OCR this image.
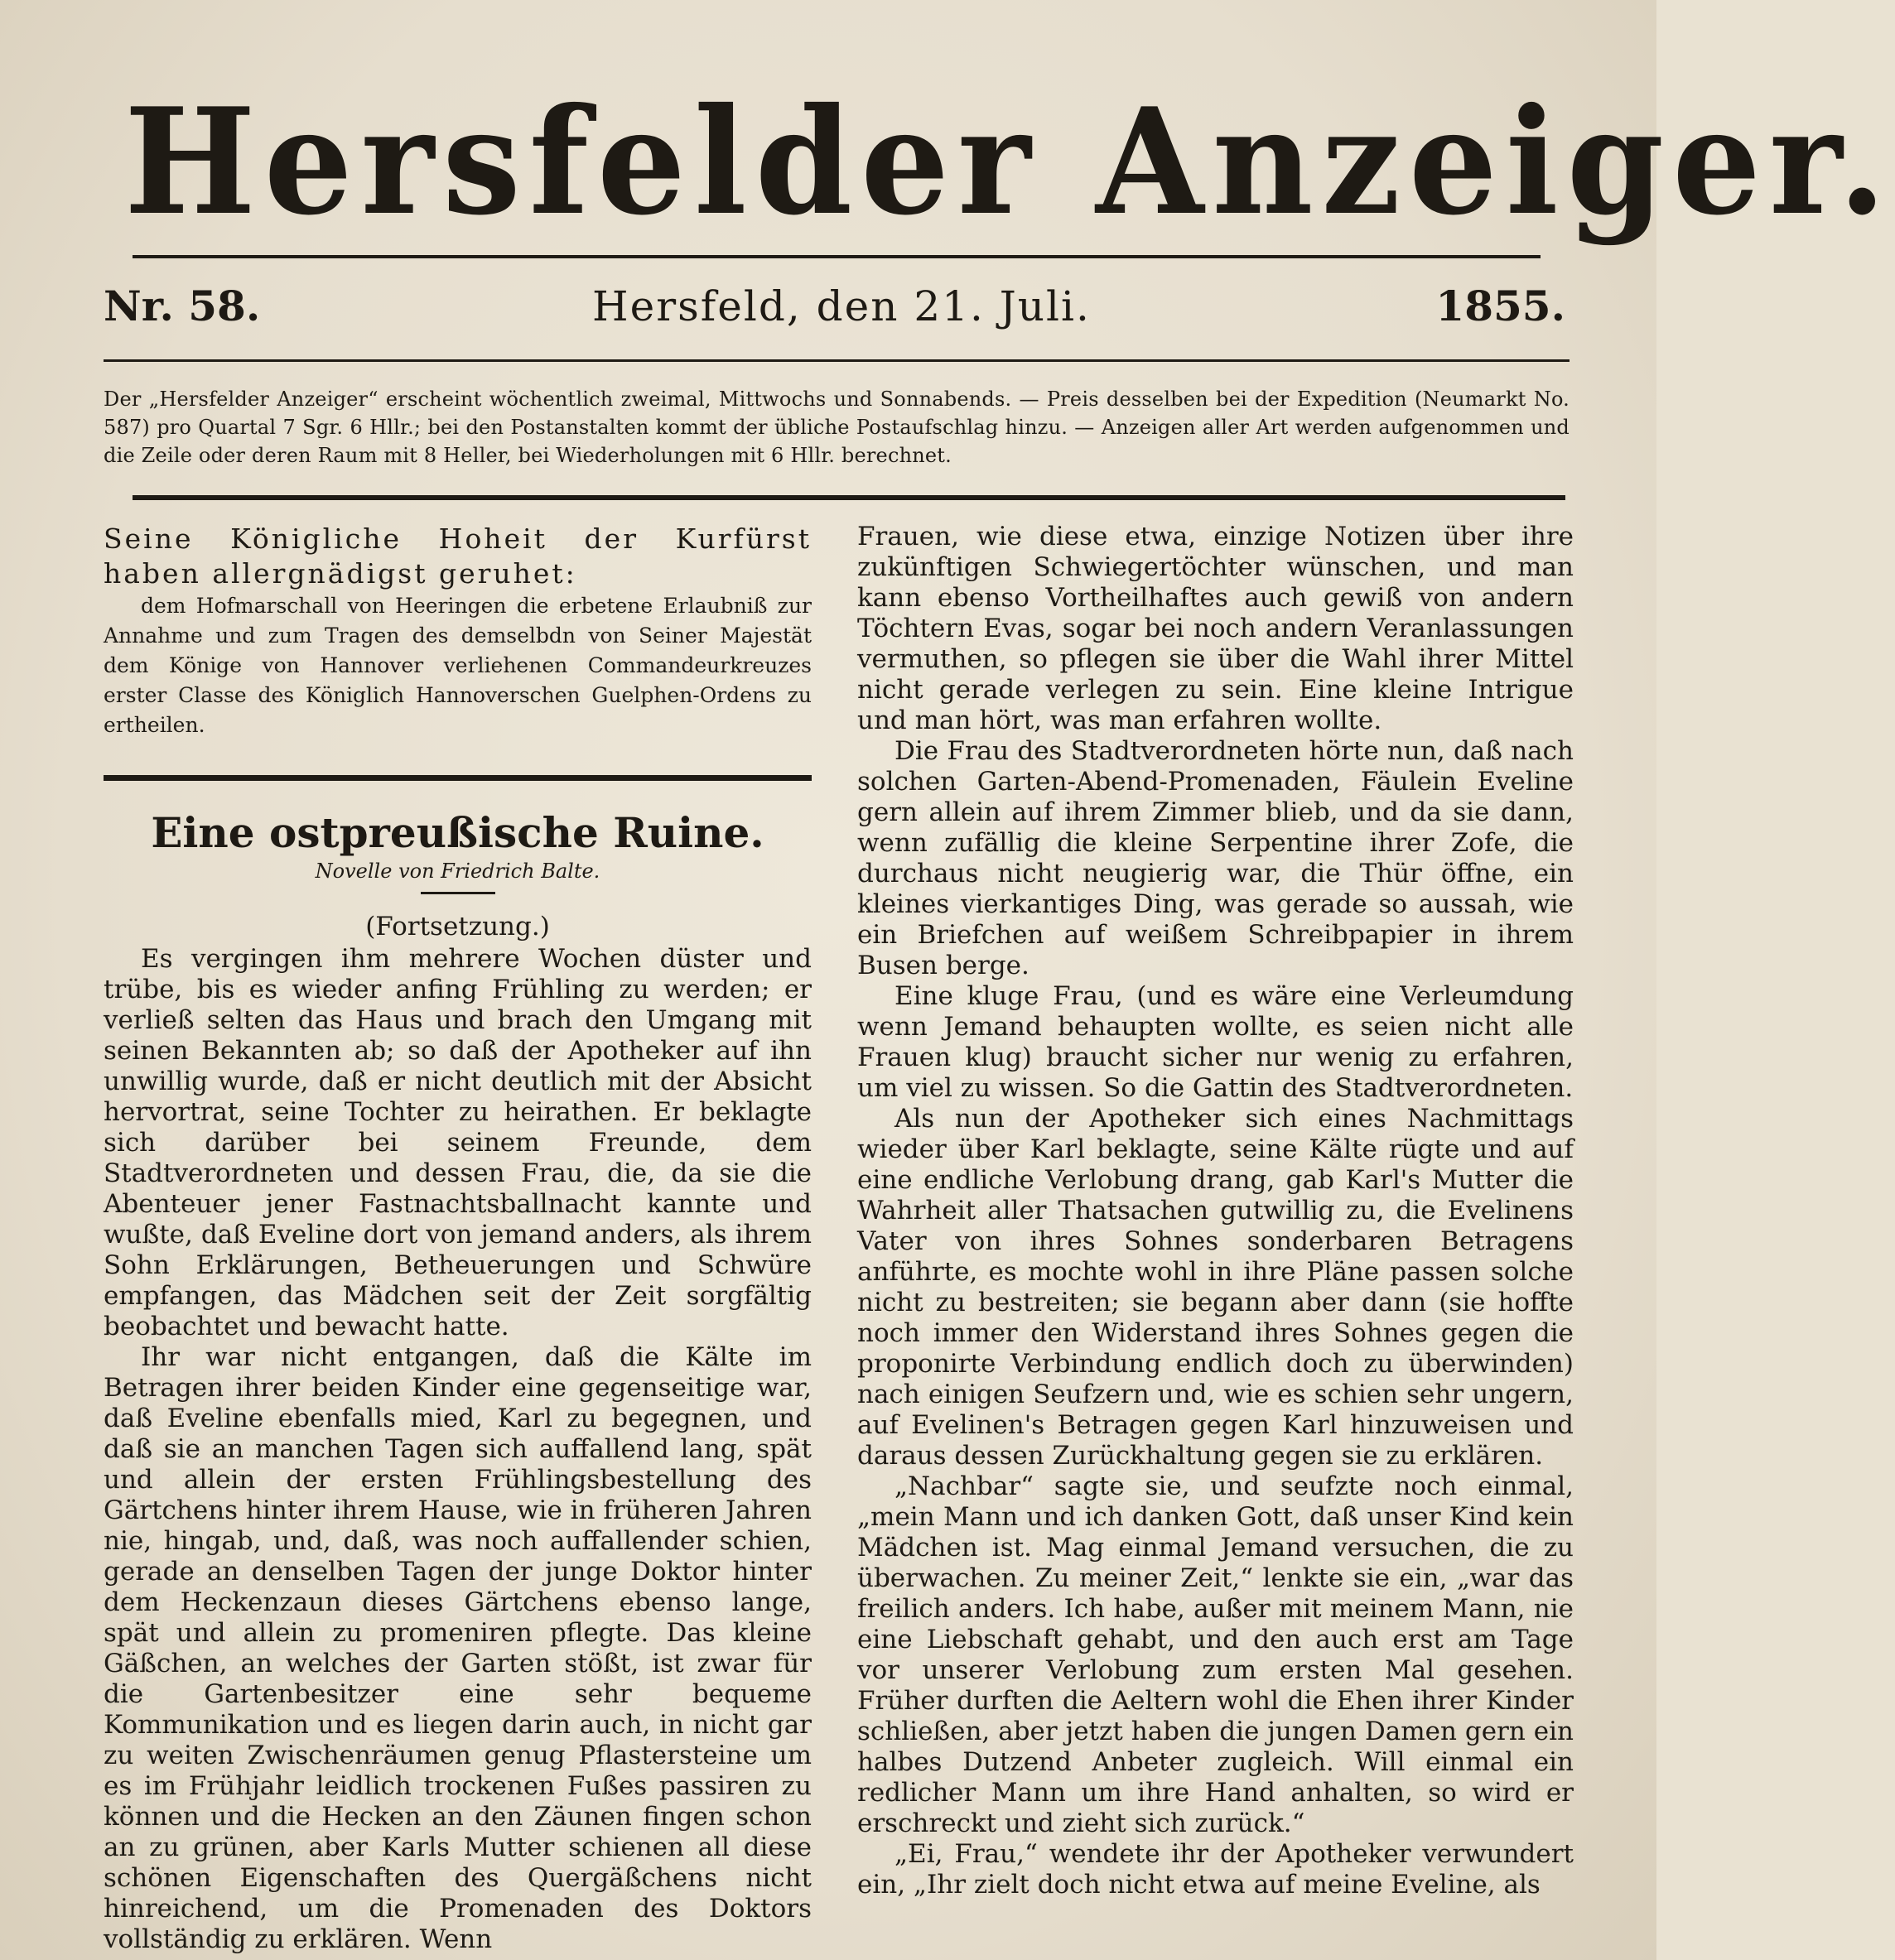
Hersfelder Anzeiger.
Nr. 58.	Hersfeld, den 21. Juli.	1855.
Der „Hersfelder Anzeiger“ erscheint wöchentlich zweimal, Mittwochs und Sonnabends. — Preis desselben bei der Expedition (Neumarkt No. 587) pro Quartal 7 Sgr. 6 Hllr.; bei den Postanstalten kommt der übliche Postaufschlag hinzu. — Anzeigen aller Art werden aufgenommen und die Zeile oder deren Raum mit 8 Heller, bei Wiederholungen mit 6 Hllr. berechnet.

Seine Königliche Hoheit der Kurfürst haben allergnädigst geruhet:

dem Hofmarschall von Heeringen die erbetene Erlaubniß zur Annahme und zum Tragen des demselbdn von Seiner Majestät dem Könige von Hannover verliehenen Commandeurkreuzes erster Classe des Königlich Hannoverschen Guelphen-Ordens zu ertheilen.

Eine ostpreußische Ruine.

Novelle von Friedrich Balte.

(Fortsetzung.)

Es vergingen ihm mehrere Wochen düster und trübe, bis es wieder anfing Frühling zu werden; er verließ selten das Haus und brach den Umgang mit seinen Bekannten ab; so daß der Apotheker auf ihn unwillig wurde, daß er nicht deutlich mit der Absicht hervortrat, seine Tochter zu heirathen. Er beklagte sich darüber bei seinem Freunde, dem Stadtverordneten und dessen Frau, die, da sie die Abenteuer jener Fastnachtsballnacht kannte und wußte, daß Eveline dort von jemand anders, als ihrem Sohn Erklärungen, Betheuerungen und Schwüre empfangen, das Mädchen seit der Zeit sorgfältig beobachtet und bewacht hatte.

Ihr war nicht entgangen, daß die Kälte im Betragen ihrer beiden Kinder eine gegenseitige war, daß Eveline ebenfalls mied, Karl zu begegnen, und daß sie an manchen Tagen sich auffallend lang, spät und allein der ersten Frühlingsbestellung des Gärtchens hinter ihrem Hause, wie in früheren Jahren nie, hingab, und, daß, was noch auffallender schien, gerade an denselben Tagen der junge Doktor hinter dem Heckenzaun dieses Gärtchens ebenso lange, spät und allein zu promeniren pflegte. Das kleine Gäßchen, an welches der Garten stößt, ist zwar für die Gartenbesitzer eine sehr bequeme Kommunikation und es liegen darin auch, in nicht gar zu weiten Zwischenräumen genug Pflastersteine um es im Frühjahr leidlich trockenen Fußes passiren zu können und die Hecken an den Zäunen fingen schon an zu grünen, aber Karls Mutter schienen all diese schönen Eigenschaften des Quergäßchens nicht hinreichend, um die Promenaden des Doktors vollständig zu erklären. Wenn

Frauen, wie diese etwa, einzige Notizen über ihre zukünftigen Schwiegertöchter wünschen, und man kann ebenso Vortheilhaftes auch gewiß von andern Töchtern Evas, sogar bei noch andern Veranlassungen vermuthen, so pflegen sie über die Wahl ihrer Mittel nicht gerade verlegen zu sein. Eine kleine Intrigue und man hört, was man erfahren wollte.

Die Frau des Stadtverordneten hörte nun, daß nach solchen Garten-Abend-Promenaden, Fäulein Eveline gern allein auf ihrem Zimmer blieb, und da sie dann, wenn zufällig die kleine Serpentine ihrer Zofe, die durchaus nicht neugierig war, die Thür öffne, ein kleines vierkantiges Ding, was gerade so aussah, wie ein Briefchen auf weißem Schreibpapier in ihrem Busen berge.

Eine kluge Frau, (und es wäre eine Verleumdung wenn Jemand behaupten wollte, es seien nicht alle Frauen klug) braucht sicher nur wenig zu erfahren, um viel zu wissen. So die Gattin des Stadtverordneten.

Als nun der Apotheker sich eines Nachmittags wieder über Karl beklagte, seine Kälte rügte und auf eine endliche Verlobung drang, gab Karl's Mutter die Wahrheit aller Thatsachen gutwillig zu, die Evelinens Vater von ihres Sohnes sonderbaren Betragens anführte, es mochte wohl in ihre Pläne passen solche nicht zu bestreiten; sie begann aber dann (sie hoffte noch immer den Widerstand ihres Sohnes gegen die proponirte Verbindung endlich doch zu überwinden) nach einigen Seufzern und, wie es schien sehr ungern, auf Evelinen's Betragen gegen Karl hinzuweisen und daraus dessen Zurückhaltung gegen sie zu erklären.

„Nachbar“ sagte sie, und seufzte noch einmal, „mein Mann und ich danken Gott, daß unser Kind kein Mädchen ist. Mag einmal Jemand versuchen, die zu überwachen. Zu meiner Zeit,“ lenkte sie ein, „war das freilich anders. Ich habe, außer mit meinem Mann, nie eine Liebschaft gehabt, und den auch erst am Tage vor unserer Verlobung zum ersten Mal gesehen. Früher durften die Aeltern wohl die Ehen ihrer Kinder schließen, aber jetzt haben die jungen Damen gern ein halbes Dutzend Anbeter zugleich. Will einmal ein redlicher Mann um ihre Hand anhalten, so wird er erschreckt und zieht sich zurück.“

„Ei, Frau,“ wendete ihr der Apotheker verwundert ein, „Ihr zielt doch nicht etwa auf meine Eveline, als
